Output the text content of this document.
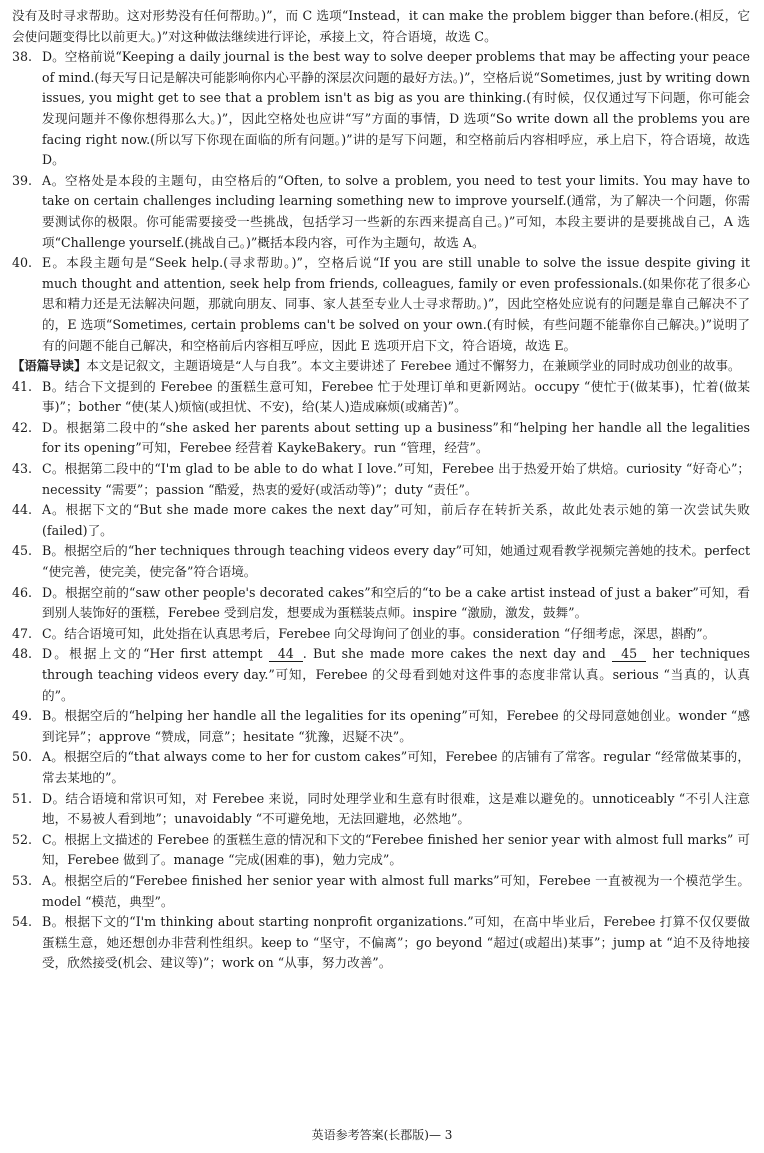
没有及时寻求帮助。这对形势没有任何帮助。)”，而 C 选项“Instead，it can make the problem bigger than before.(相反，它会使问题变得比以前更大。)”对这种做法继续进行评论，承接上文，符合语境，故选 C。

38. D。空格前说“Keeping a daily journal is the best way to solve deeper problems that may be affecting your peace of mind.(每天写日记是解决可能影响你内心平静的深层次问题的最好方法。)”，空格后说“Sometimes, just by writing down issues, you might get to see that a problem isn't as big as you are thinking.(有时候，仅仅通过写下问题，你可能会发现问题并不像你想得那么大。)”，因此空格处也应讲“写”方面的事情，D 选项“So write down all the problems you are facing right now.(所以写下你现在面临的所有问题。)”讲的是写下问题，和空格前后内容相呼应，承上启下，符合语境，故选 D。
39. A。空格处是本段的主题句，由空格后的“Often, to solve a problem, you need to test your limits. You may have to take on certain challenges including learning something new to improve yourself.(通常，为了解决一个问题，你需要测试你的极限。你可能需要接受一些挑战，包括学习一些新的东西来提高自己。)”可知，本段主要讲的是要挑战自己，A 选项“Challenge yourself.(挑战自己。)”概括本段内容，可作为主题句，故选 A。
40. E。本段主题句是“Seek help.(寻求帮助。)”，空格后说“If you are still unable to solve the issue despite giving it much thought and attention, seek help from friends, colleagues, family or even professionals.(如果你花了很多心思和精力还是无法解决问题，那就向朋友、同事、家人甚至专业人士寻求帮助。)”，因此空格处应说有的问题是靠自己解决不了的，E 选项“Sometimes, certain problems can't be solved on your own.(有时候，有些问题不能靠你自己解决。)”说明了有的问题不能自己解决，和空格前后内容相互呼应，因此 E 选项开启下文，符合语境，故选 E。

【语篇导读】本文是记叙文，主题语境是“人与自我”。本文主要讲述了 Ferebee 通过不懈努力，在兼顾学业的同时成功创业的故事。

41. B。结合下文提到的 Ferebee 的蛋糕生意可知，Ferebee 忙于处理订单和更新网站。occupy “使忙于(做某事)，忙着(做某事)”；bother “使(某人)烦恼(或担忧、不安)，给(某人)造成麻烦(或痛苦)”。
42. D。根据第二段中的“she asked her parents about setting up a business”和“helping her handle all the legalities for its opening”可知，Ferebee 经营着 KaykeBakery。run “管理，经营”。
43. C。根据第二段中的“I'm glad to be able to do what I love.”可知，Ferebee 出于热爱开始了烘焙。curiosity “好奇心”；necessity “需要”；passion “酷爱，热衷的爱好(或活动等)”；duty “责任”。
44. A。根据下文的“But she made more cakes the next day”可知，前后存在转折关系，故此处表示她的第一次尝试失败(failed)了。
45. B。根据空后的“her techniques through teaching videos every day”可知，她通过观看教学视频完善她的技术。perfect “使完善，使完美，使完备”符合语境。
46. D。根据空前的“saw other people's decorated cakes”和空后的“to be a cake artist instead of just a baker”可知，看到别人装饰好的蛋糕，Ferebee 受到启发，想要成为蛋糕装点师。inspire “激励，激发，鼓舞”。
47. C。结合语境可知，此处指在认真思考后，Ferebee 向父母询问了创业的事。consideration “仔细考虑，深思，斟酌”。
48. D。根据上文的“Her first attempt 44 . But she made more cakes the next day and 45 her techniques through teaching videos every day.”可知，Ferebee 的父母看到她对这件事的态度非常认真。serious “当真的，认真的”。
49. B。根据空后的“helping her handle all the legalities for its opening”可知，Ferebee 的父母同意她创业。wonder “感到诧异”；approve “赞成，同意”；hesitate “犹豫，迟疑不决”。
50. A。根据空后的“that always come to her for custom cakes”可知，Ferebee 的店铺有了常客。regular “经常做某事的，常去某地的”。
51. D。结合语境和常识可知，对 Ferebee 来说，同时处理学业和生意有时很难，这是难以避免的。unnoticeably “不引人注意地，不易被人看到地”；unavoidably “不可避免地，无法回避地，必然地”。
52. C。根据上文描述的 Ferebee 的蛋糕生意的情况和下文的“Ferebee finished her senior year with almost full marks” 可知，Ferebee 做到了。manage “完成(困难的事)，勉力完成”。
53. A。根据空后的“Ferebee finished her senior year with almost full marks”可知，Ferebee 一直被视为一个模范学生。model “模范，典型”。
54. B。根据下文的“I'm thinking about starting nonprofit organizations.”可知，在高中毕业后，Ferebee 打算不仅仅要做蛋糕生意，她还想创办非营利性组织。keep to “坚守，不偏离”；go beyond “超过(或超出)某事”；jump at “迫不及待地接受，欣然接受(机会、建议等)”；work on “从事，努力改善”。
英语参考答案(长郡版)— 3
